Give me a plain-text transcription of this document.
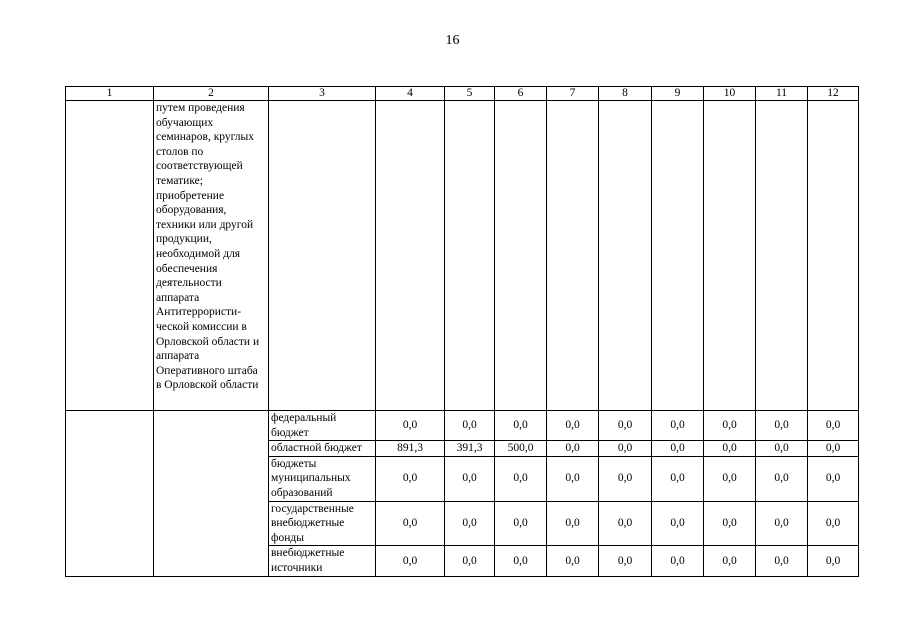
16
1	2	3	4	5	6	7	8	9	10	11	12
	путем проведения обучающих семинаров, круглых столов по соответствующей тематике; приобретение оборудования, техники или другой продукции, необходимой для обеспечения деятельности аппарата Антитеррористи-ческой комиссии в Орловской области и аппарата Оперативного штаба в Орловской области										
		федеральный бюджет	0,0	0,0	0,0	0,0	0,0	0,0	0,0	0,0	0,0
		областной бюджет	891,3	391,3	500,0	0,0	0,0	0,0	0,0	0,0	0,0
		бюджеты муниципальных образований	0,0	0,0	0,0	0,0	0,0	0,0	0,0	0,0	0,0
		государственные внебюджетные фонды	0,0	0,0	0,0	0,0	0,0	0,0	0,0	0,0	0,0
		внебюджетные источники	0,0	0,0	0,0	0,0	0,0	0,0	0,0	0,0	0,0
